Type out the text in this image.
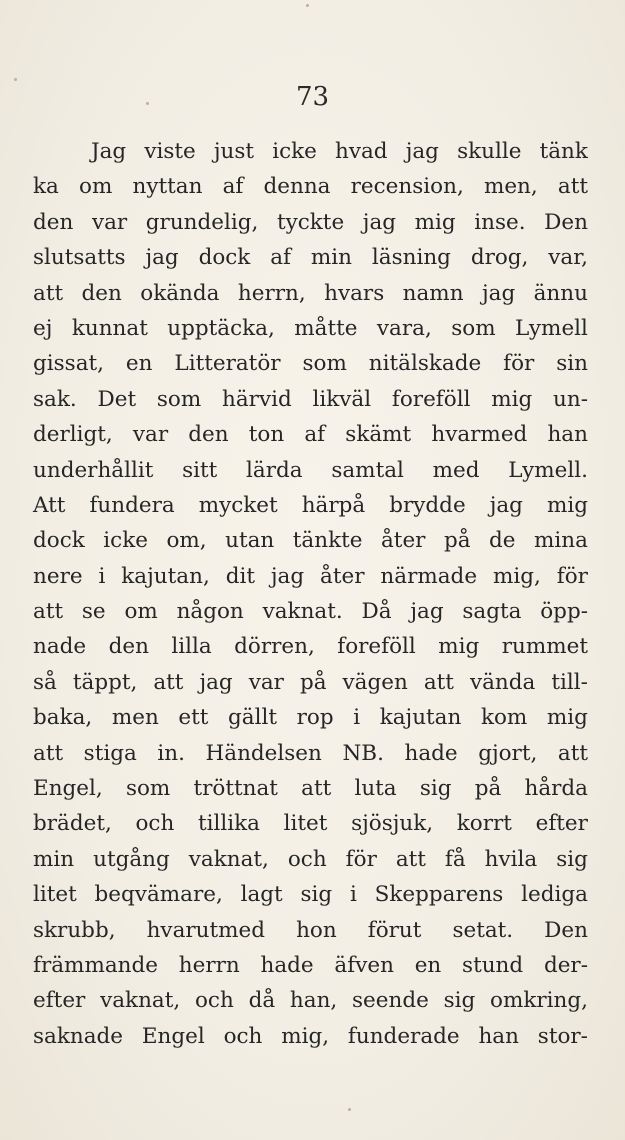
73
Jag viste just icke hvad jag skulle tänk
ka om nyttan af denna recension, men, att
den var grundelig, tyckte jag mig inse. Den
slutsatts jag dock af min läsning drog, var,
att den okända herrn, hvars namn jag ännu
ej kunnat upptäcka, måtte vara, som Lymell
gissat, en Litteratör som nitälskade för sin
sak. Det som härvid likväl foreföll mig un-
derligt, var den ton af skämt hvarmed han
underhållit sitt lärda samtal med Lymell.
Att fundera mycket härpå brydde jag mig
dock icke om, utan tänkte åter på de mina
nere i kajutan, dit jag åter närmade mig, för
att se om någon vaknat. Då jag sagta öpp-
nade den lilla dörren, foreföll mig rummet
så täppt, att jag var på vägen att vända till-
baka, men ett gällt rop i kajutan kom mig
att stiga in. Händelsen NB. hade gjort, att
Engel, som tröttnat att luta sig på hårda
brädet, och tillika litet sjösjuk, korrt efter
min utgång vaknat, och för att få hvila sig
litet beqvämare, lagt sig i Skepparens lediga
skrubb, hvarutmed hon förut setat. Den
främmande herrn hade äfven en stund der-
efter vaknat, och då han, seende sig omkring,
saknade Engel och mig, funderade han stor-
